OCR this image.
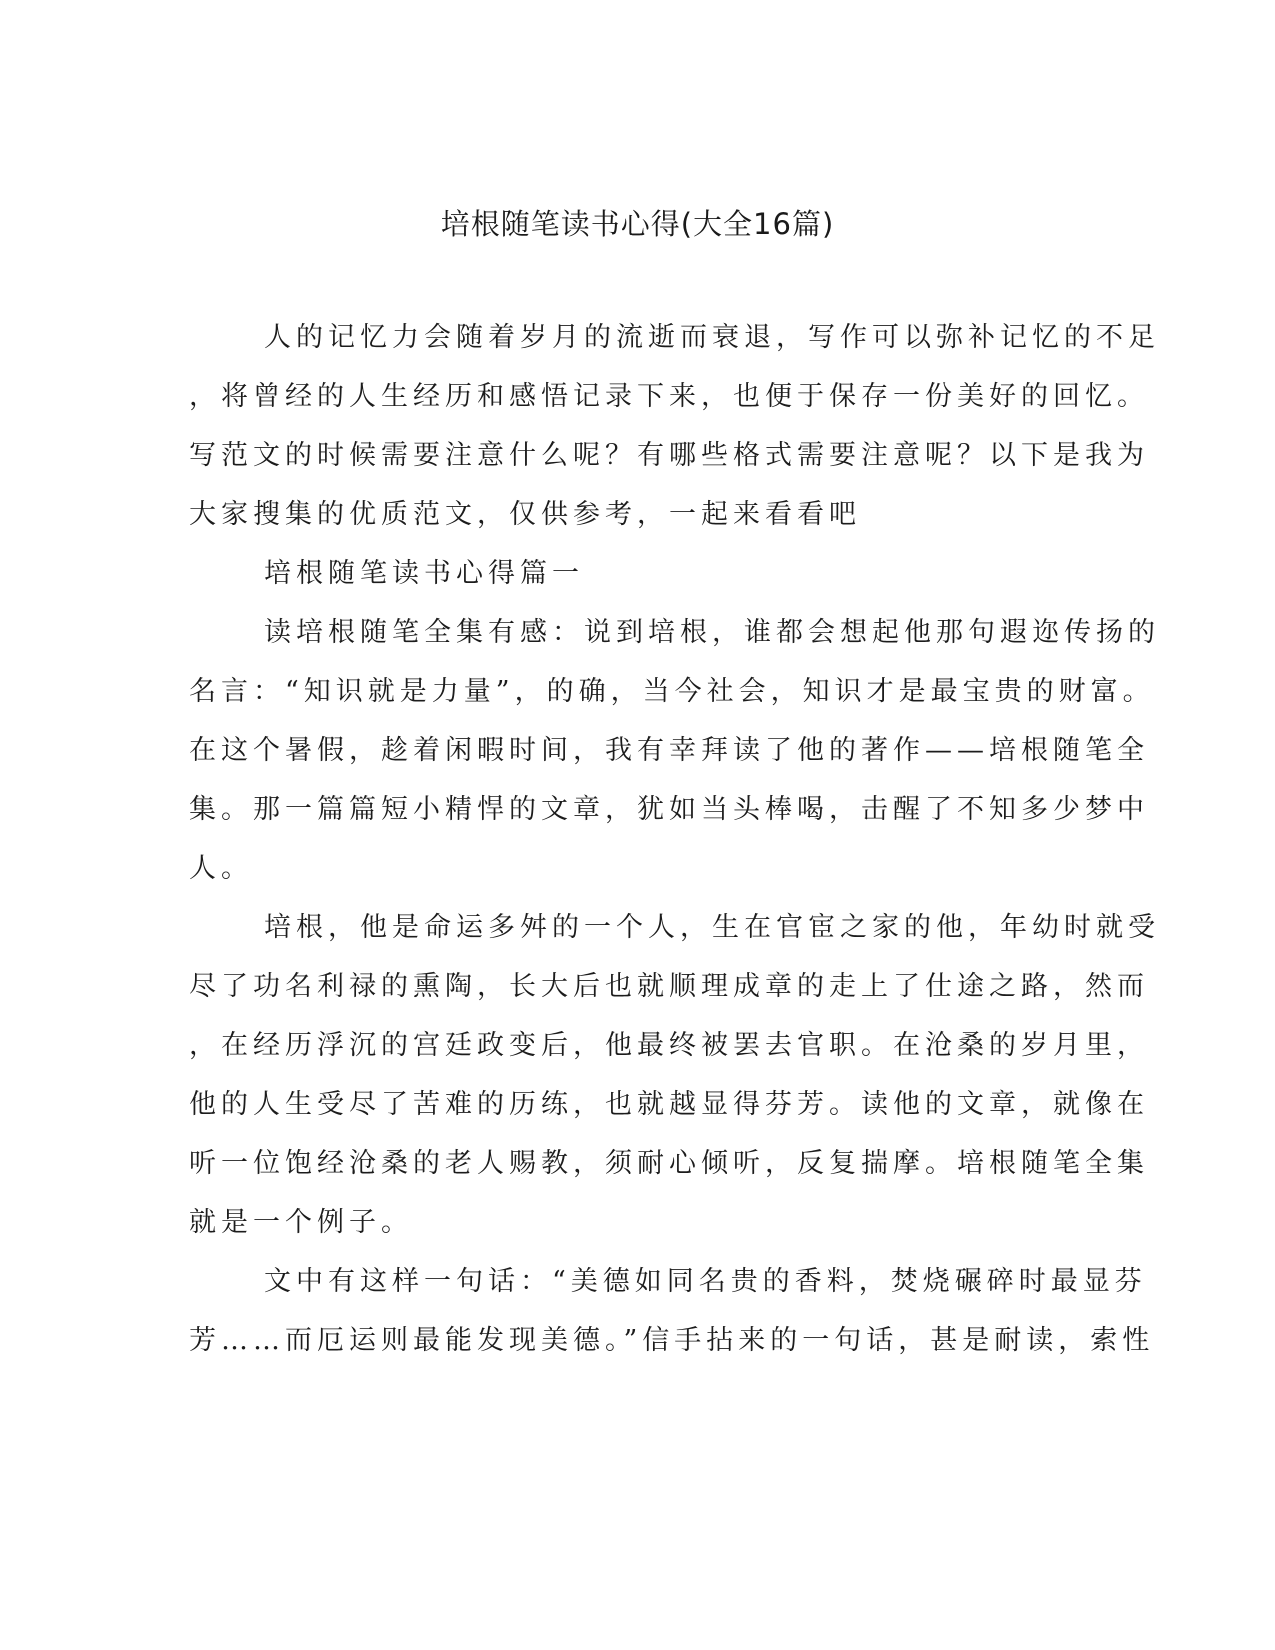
培根随笔读书心得(大全16篇)

人的记忆力会随着岁月的流逝而衰退，写作可以弥补记忆的不足

，将曾经的人生经历和感悟记录下来，也便于保存一份美好的回忆。

写范文的时候需要注意什么呢？有哪些格式需要注意呢？以下是我为

大家搜集的优质范文，仅供参考，一起来看看吧

培根随笔读书心得篇一

读培根随笔全集有感：说到培根，谁都会想起他那句遐迩传扬的

名言：“知识就是力量”，的确，当今社会，知识才是最宝贵的财富。

在这个暑假，趁着闲暇时间，我有幸拜读了他的著作——培根随笔全

集。那一篇篇短小精悍的文章，犹如当头棒喝，击醒了不知多少梦中

人。

培根，他是命运多舛的一个人，生在官宦之家的他，年幼时就受

尽了功名利禄的熏陶，长大后也就顺理成章的走上了仕途之路，然而

，在经历浮沉的宫廷政变后，他最终被罢去官职。在沧桑的岁月里，

他的人生受尽了苦难的历练，也就越显得芬芳。读他的文章，就像在

听一位饱经沧桑的老人赐教，须耐心倾听，反复揣摩。培根随笔全集

就是一个例子。

文中有这样一句话：“美德如同名贵的香料，焚烧碾碎时最显芬

芳……而厄运则最能发现美德。”信手拈来的一句话，甚是耐读，索性
